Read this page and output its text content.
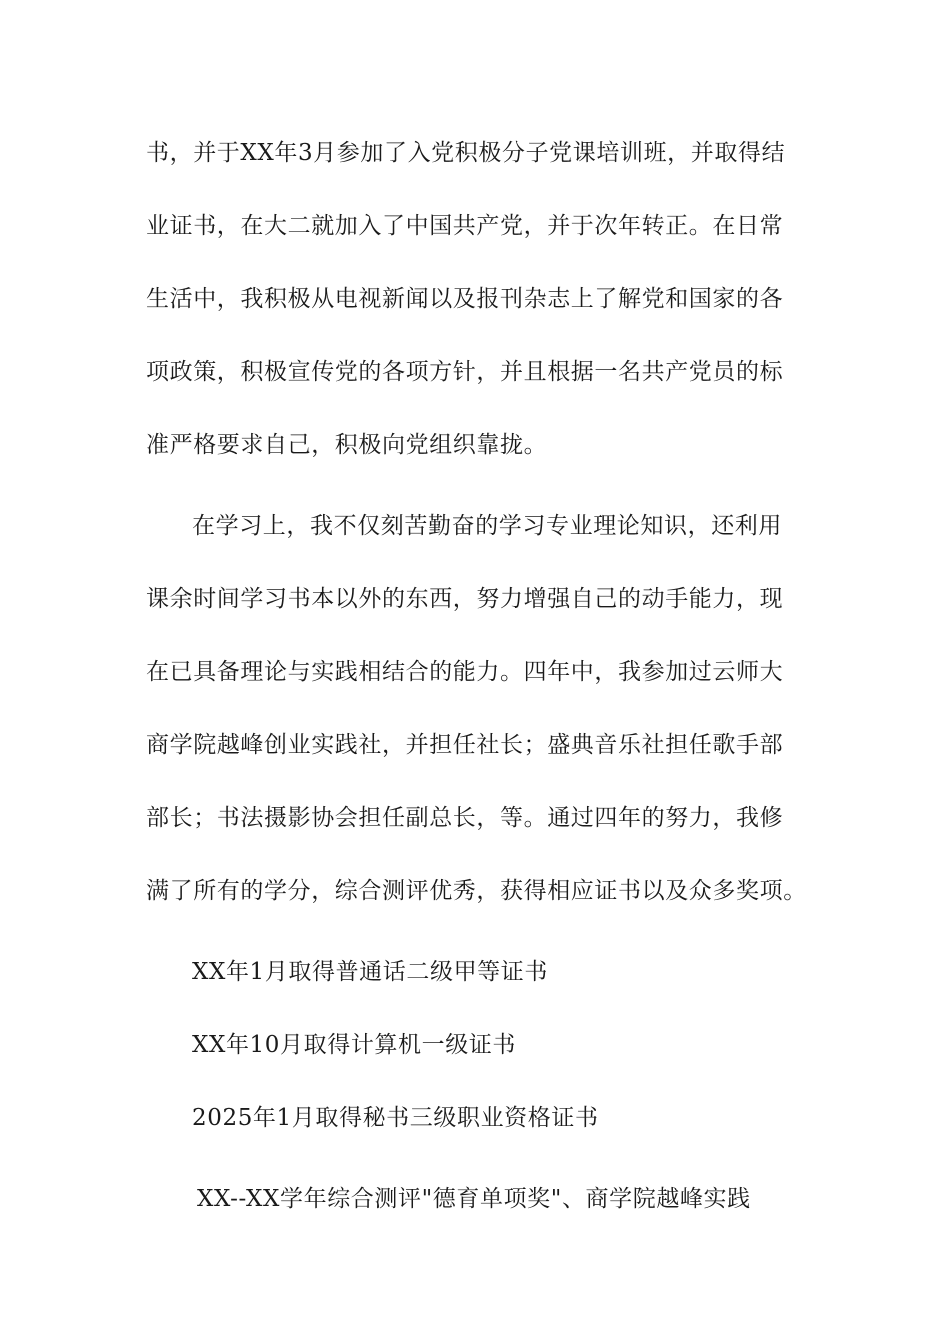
书，并于XX年3月参加了入党积极分子党课培训班，并取得结
业证书，在大二就加入了中国共产党，并于次年转正。在日常
生活中，我积极从电视新闻以及报刊杂志上了解党和国家的各
项政策，积极宣传党的各项方针，并且根据一名共产党员的标
准严格要求自己，积极向党组织靠拢。
在学习上，我不仅刻苦勤奋的学习专业理论知识，还利用
课余时间学习书本以外的东西，努力增强自己的动手能力，现
在已具备理论与实践相结合的能力。四年中，我参加过云师大
商学院越峰创业实践社，并担任社长；盛典音乐社担任歌手部
部长；书法摄影协会担任副总长，等。通过四年的努力，我修
满了所有的学分，综合测评优秀，获得相应证书以及众多奖项。
XX年1月取得普通话二级甲等证书
XX年10月取得计算机一级证书
2025年1月取得秘书三级职业资格证书
XX--XX学年综合测评"德育单项奖"、商学院越峰实践
